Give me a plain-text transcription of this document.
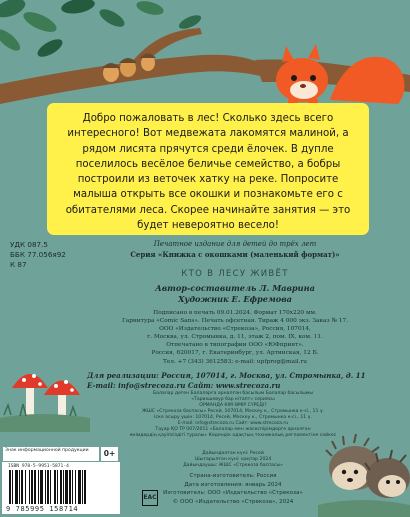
Добро пожаловать в лес! Сколько здесь всего интересного! Вот медвежата лакомятся малиной, а рядом лисята прячутся среди ёлочек. В дупле поселилось весёлое беличье семейство, а бобры построили из веточек хатку на реке. Попросите малыша открыть все окошки и познакомьте его с обитателями леса. Скорее начинайте занятия — это будет невероятно весело!
УДК 087.5
ББК 77.056я92
К 87
Печатное издание для детей до трёх лет
Серия «Книжка с окошками (маленький формат)»
КТО В ЛЕСУ ЖИВЁТ
Автор-составитель Л. Маврина
Художник Е. Ефремова
Подписано в печать 09.01.2024. Формат 170х220 мм.
Гарнитура «Comic Sans». Печать офсетная. Тираж 4 000 экз. Заказ № 17.
ООО «Издательство «Стрекоза», Россия, 107014,
г. Москва, ул. Стромынка, д. 11, этаж 2, пом. IX, ком. 11.
Отпечатано в типографии ООО «ЮФпринт».
Россия, 620017, г. Екатеринбург, ул. Артинская, 12 Б.
Тел. +7 (343) 3612583; e-mail: upfprog@mail.ru
Для реализации: Россия, 107014, г. Москва, ул. Стромынка, д. 11
E-mail: info@strecoza.ru Сайт: www.strecoza.ru
Балалар деген Балаларға арналған басылым Балалар басылымы
«Тарихшевур бар кітапт» сериясы
ОРМАНДА КІМ ӨМІР СҮРЕДІ?
ЖШС «Стрекоза баспасы» Ресей, 107014, Мәскеу к., Стромынка к-сі., 11 ү.
Іске асыру үшін: 107014, Ресей, Мәскеу к., Стромынка к-сі., 11 ү.
E-mail: info@strecoza.ru Сайт: www.strecoza.ru
Тауар ҚО ТР 007/2011 «Балалар мен жасөспірімдерге арналған
өнімдердің қауіпсіздігі туралы» Кедендік одақтың техникалық регламентіне сәйкес
Дайындалған күні: Ресей
Шығарылған күні: қаңтар 2024
Дайындаушы: ЖШС «Стрекоза баспасы»
Страна-изготовитель: Россия
Дата изготовления: январь 2024
Изготовитель: ООО «Издательство «Стрекоза»
© ООО «Издательство «Стрекоза», 2024
Знак информационной продукции	0+
ISBN 978-5-9951-5871-4
9 785995 158714
EAC
